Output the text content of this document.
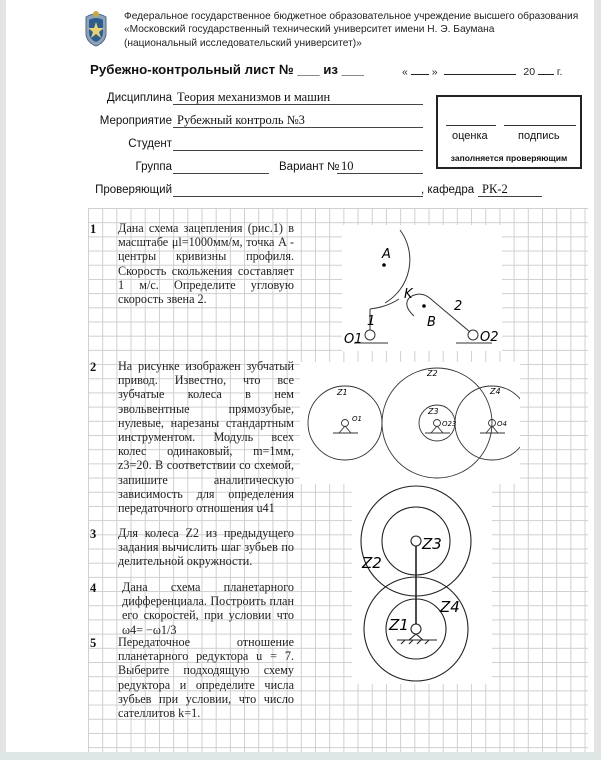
Федеральное государственное бюджетное образовательное учреждение высшего образования
«Московский государственный технический университет имени Н. Э. Баумана
(национальный исследовательский университет)»
Рубежно-контрольный лист № ___ из ___	« »	20 г.
Дисциплина Теория механизмов и машин
Мероприятие Рубежный контроль №3
Студент
Группа	Вариант № 10
Проверяющий	, кафедра РК-2
оценка	подпись
заполняется проверяющим
A
B
K
1
2
O1	O2
Z1
O1
Z2
Z3
O23
Z4
O4
Z3
Z2
Z4
Z1
1 Дана схема зацепления (рис.1) в масштабе μl=1000мм/м, точка A - центры кривизны профиля. Скорость скольжения составляет 1 м/с. Определите угловую скорость звена 2.
2 На рисунке изображен зубчатый привод. Известно, что все зубчатые колеса в нем эвольвентные прямозубые, нулевые, нарезаны стандартным инструментом. Модуль всех колес одинаковый, m=1мм, z3=20. В соответствии со схемой, запишите аналитическую зависимость для определения передаточного отношения u41
3 Для колеса Z2 из предыдущего задания вычислить шаг зубьев по делительной окружности.
4 Дана схема планетарного дифференциала. Построить план его скоростей, при условии что ω4= −ω1/3
5 Передаточное отношение планетарного редуктора u = 7. Выберите подходящую схему редуктора и определите числа зубьев при условии, что число сателлитов k=1.
